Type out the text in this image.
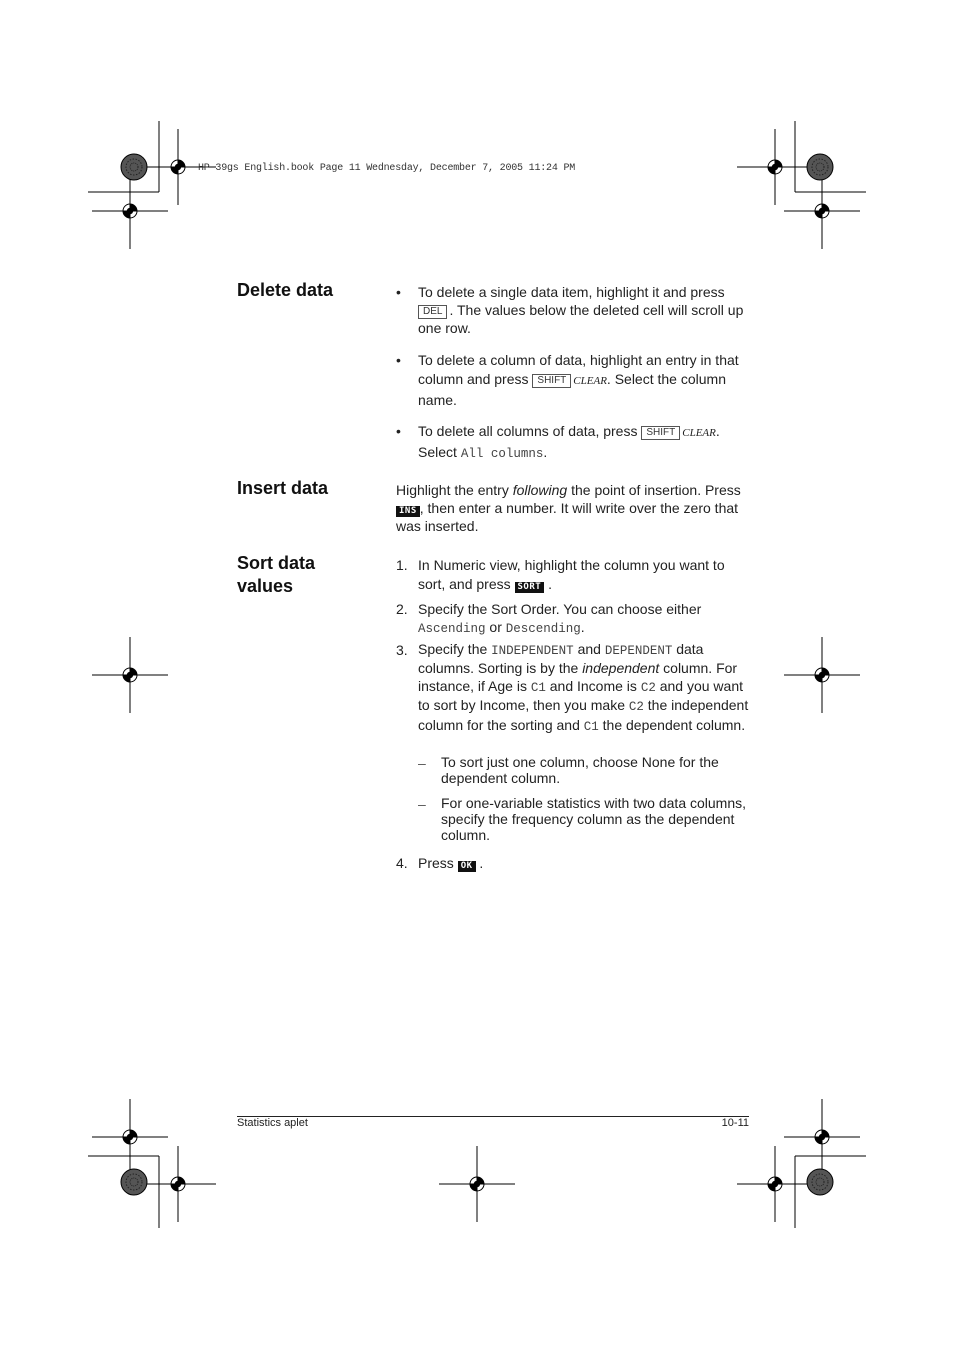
HP 39gs English.book Page 11 Wednesday, December 7, 2005 11:24 PM
Delete data	• To delete a single data item, highlight it and press
DEL . The values below the deleted cell will scroll up one row.
• To delete a column of data, highlight an entry in that column and press SHIFT CLEAR. Select the column name.
• To delete all columns of data, press SHIFT CLEAR. Select All columns.
Insert data	Highlight the entry following the point of insertion. Press INS , then enter a number. It will write over the zero that was inserted.
Sort data
values
1. In Numeric view, highlight the column you want to sort, and press SORT .
2. Specify the Sort Order. You can choose either Ascending or Descending.
3. Specify the INDEPENDENT and DEPENDENT data columns. Sorting is by the independent column. For instance, if Age is C1 and Income is C2 and you want to sort by Income, then you make C2 the independent column for the sorting and C1 the dependent column.
– To sort just one column, choose None for the dependent column.
– For one-variable statistics with two data columns, specify the frequency column as the dependent column.
4. Press OK .
Statistics aplet	10-11
